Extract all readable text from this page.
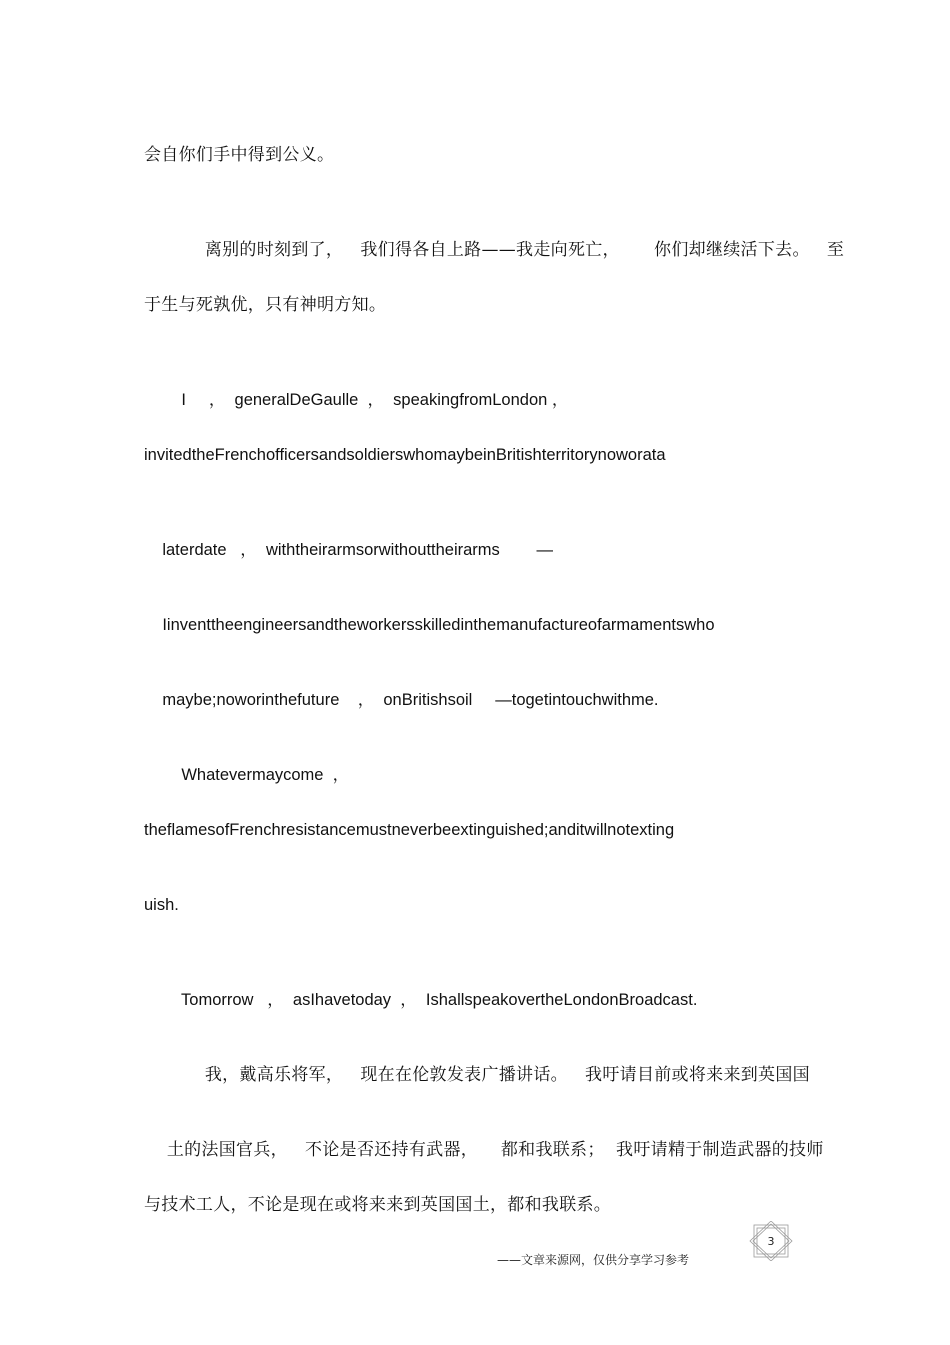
会自你们手中得到公义。

离别的时刻到了，   我们得各自上路——我走向死亡，      你们却继续活下去。   至

于生与死孰优，只有神明方知。

I     ，  generalDeGaulle  ，  speakingfromLondon ，

invitedtheFrenchofficersandsoldierswhomaybeinBritishterritorynoworata

laterdate   ，  withtheirarmsorwithouttheirarms        —

Iinventtheengineersandtheworkersskilledinthemanufactureofarmamentswho

maybe;noworinthefuture    ，  onBritishsoil     —togetintouchwithme.

Whatevermaycome  ，

theflamesofFrenchresistancemustneverbeextinguished;anditwillnotexting
uish.

Tomorrow   ，  asIhavetoday  ，  IshallspeakovertheLondonBroadcast.

我，戴高乐将军，   现在在伦敦发表广播讲话。   我吁请目前或将来来到英国国

土的法国官兵，   不论是否还持有武器，    都和我联系；  我吁请精于制造武器的技师

与技术工人，不论是现在或将来来到英国国土，都和我联系。
3
——文章来源网，仅供分享学习参考
